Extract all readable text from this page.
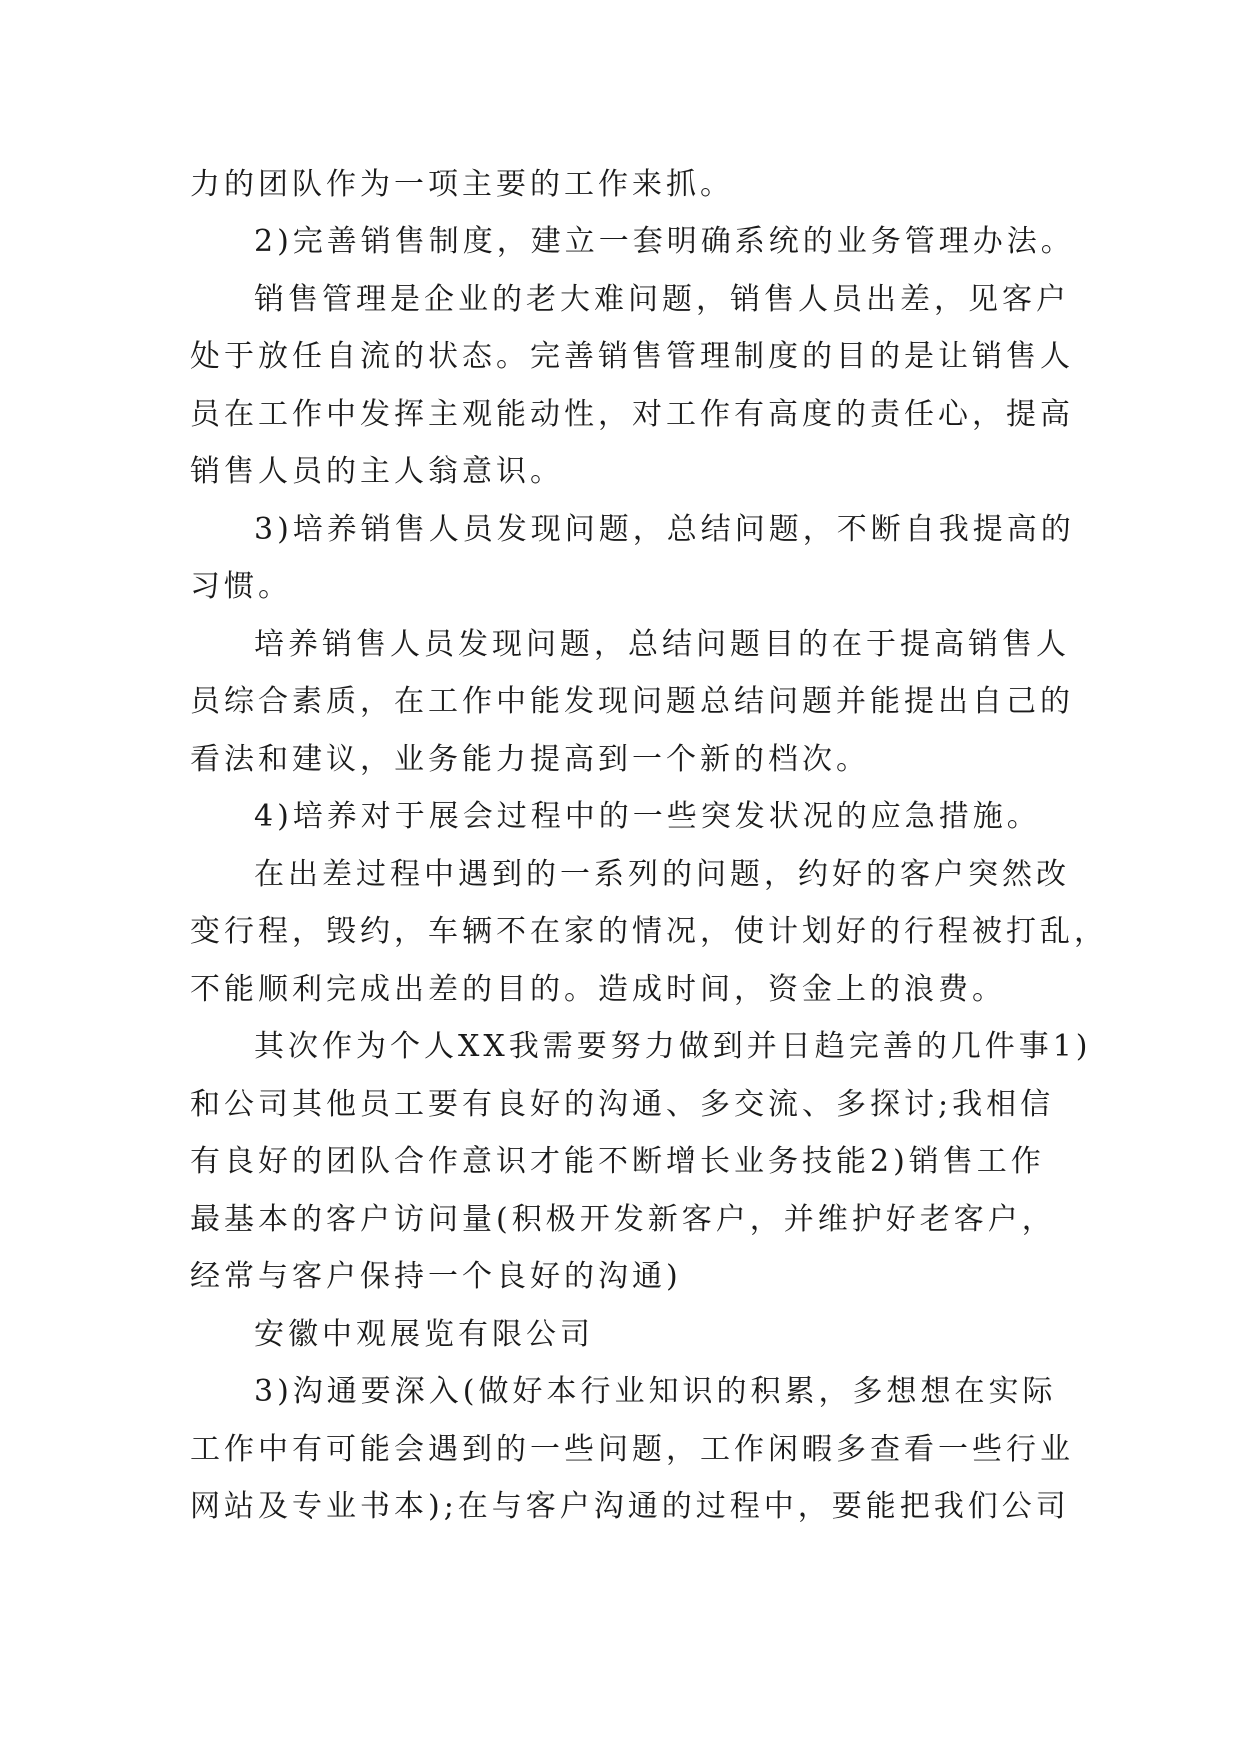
力的团队作为一项主要的工作来抓。
2)完善销售制度，建立一套明确系统的业务管理办法。
销售管理是企业的老大难问题，销售人员出差，见客户
处于放任自流的状态。完善销售管理制度的目的是让销售人
员在工作中发挥主观能动性，对工作有高度的责任心，提高
销售人员的主人翁意识。
3)培养销售人员发现问题，总结问题，不断自我提高的
习惯。
培养销售人员发现问题，总结问题目的在于提高销售人
员综合素质，在工作中能发现问题总结问题并能提出自己的
看法和建议，业务能力提高到一个新的档次。
4)培养对于展会过程中的一些突发状况的应急措施。
在出差过程中遇到的一系列的问题，约好的客户突然改
变行程，毁约，车辆不在家的情况，使计划好的行程被打乱，
不能顺利完成出差的目的。造成时间，资金上的浪费。
其次作为个人XX我需要努力做到并日趋完善的几件事1)
和公司其他员工要有良好的沟通、多交流、多探讨;我相信
有良好的团队合作意识才能不断增长业务技能2)销售工作
最基本的客户访问量(积极开发新客户，并维护好老客户，
经常与客户保持一个良好的沟通)
安徽中观展览有限公司
3)沟通要深入(做好本行业知识的积累，多想想在实际
工作中有可能会遇到的一些问题，工作闲暇多查看一些行业
网站及专业书本);在与客户沟通的过程中，要能把我们公司
